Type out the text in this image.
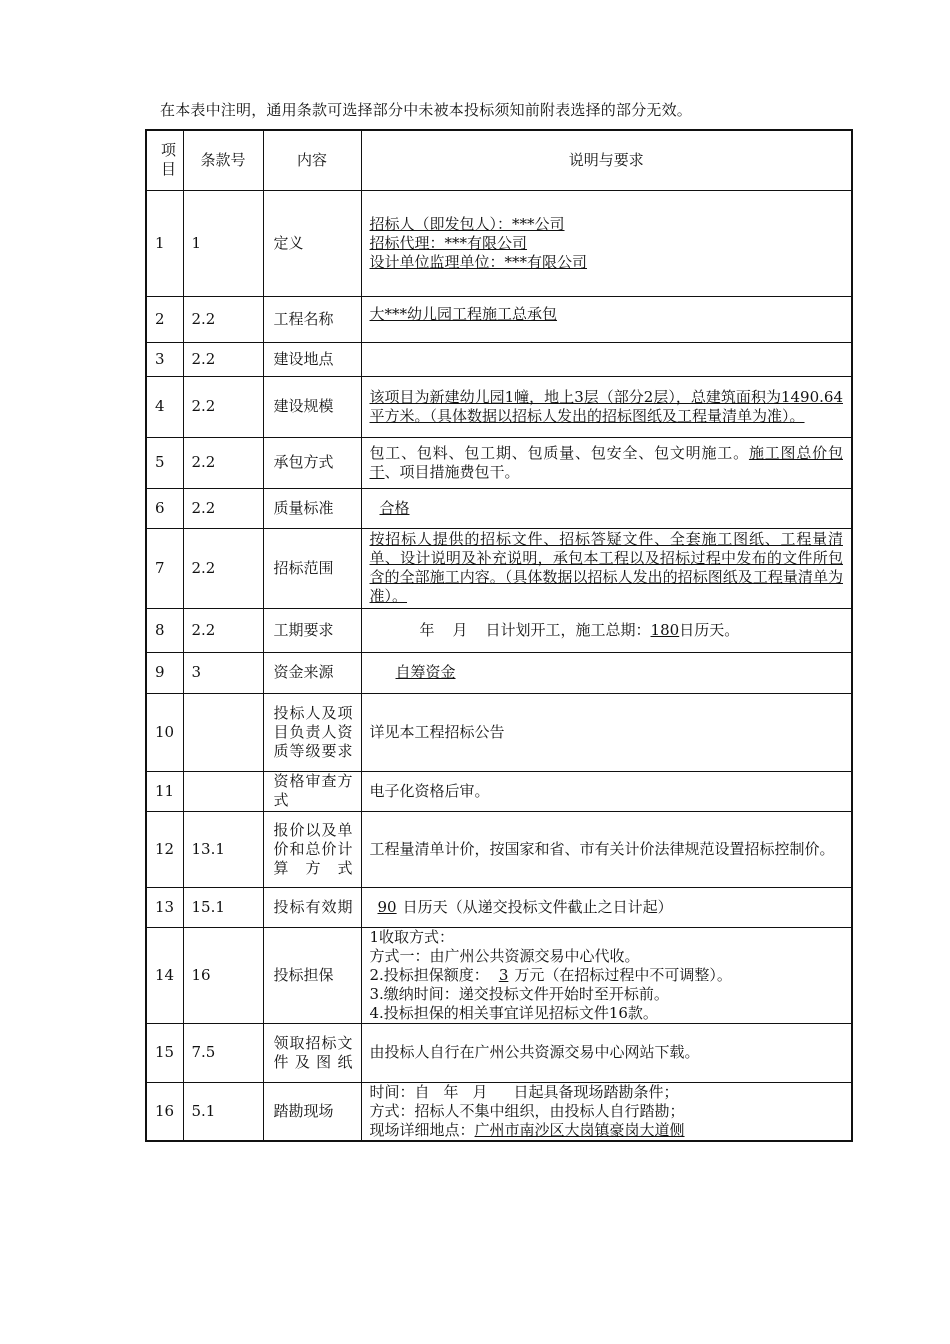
在本表中注明，通用条款可选择部分中未被本投标须知前附表选择的部分无效。
项目	条款号	内容	说明与要求
1	1	定义	招标人（即发包人）：***公司
招标代理：***有限公司
设计单位监理单位：***有限公司
2	2.2	工程名称	大***幼儿园工程施工总承包
3	2.2	建设地点	
4	2.2	建设规模	该项目为新建幼儿园1幢，地上3层（部分2层），总建筑面积为1490.64平方米。（具体数据以招标人发出的招标图纸及工程量清单为准）。
5	2.2	承包方式	包工、包料、包工期、包质量、包安全、包文明施工。施工图总价包干、项目措施费包干。
6	2.2	质量标准	合格
7	2.2	招标范围	按招标人提供的招标文件、招标答疑文件、全套施工图纸、工程量清单、设计说明及补充说明，承包本工程以及招标过程中发布的文件所包含的全部施工内容。（具体数据以招标人发出的招标图纸及工程量清单为准）。
8	2.2	工期要求	年 月 日计划开工，施工总期：180日历天。
9	3	资金来源	自筹资金
10		投标人及项目负责人资质等级要求	详见本工程招标公告
11		资格审查方式	电子化资格后审。
12	13.1	报价以及单价和总价计算方式	工程量清单计价，按国家和省、市有关计价法律规范设置招标控制价。
13	15.1	投标有效期	90 日历天（从递交投标文件截止之日计起）
14	16	投标担保	1收取方式：
方式一：由广州公共资源交易中心代收。
2.投标担保额度： 3 万元（在招标过程中不可调整）。
3.缴纳时间：递交投标文件开始时至开标前。
4.投标担保的相关事宜详见招标文件16款。

15	7.5	领取招标文件及图纸	由投标人自行在广州公共资源交易中心网站下载。
16	5.1	踏勘现场	时间：自 年 月 日起具备现场踏勘条件；
方式：招标人不集中组织，由投标人自行踏勘；
现场详细地点：广州市南沙区大岗镇豪岗大道侧
